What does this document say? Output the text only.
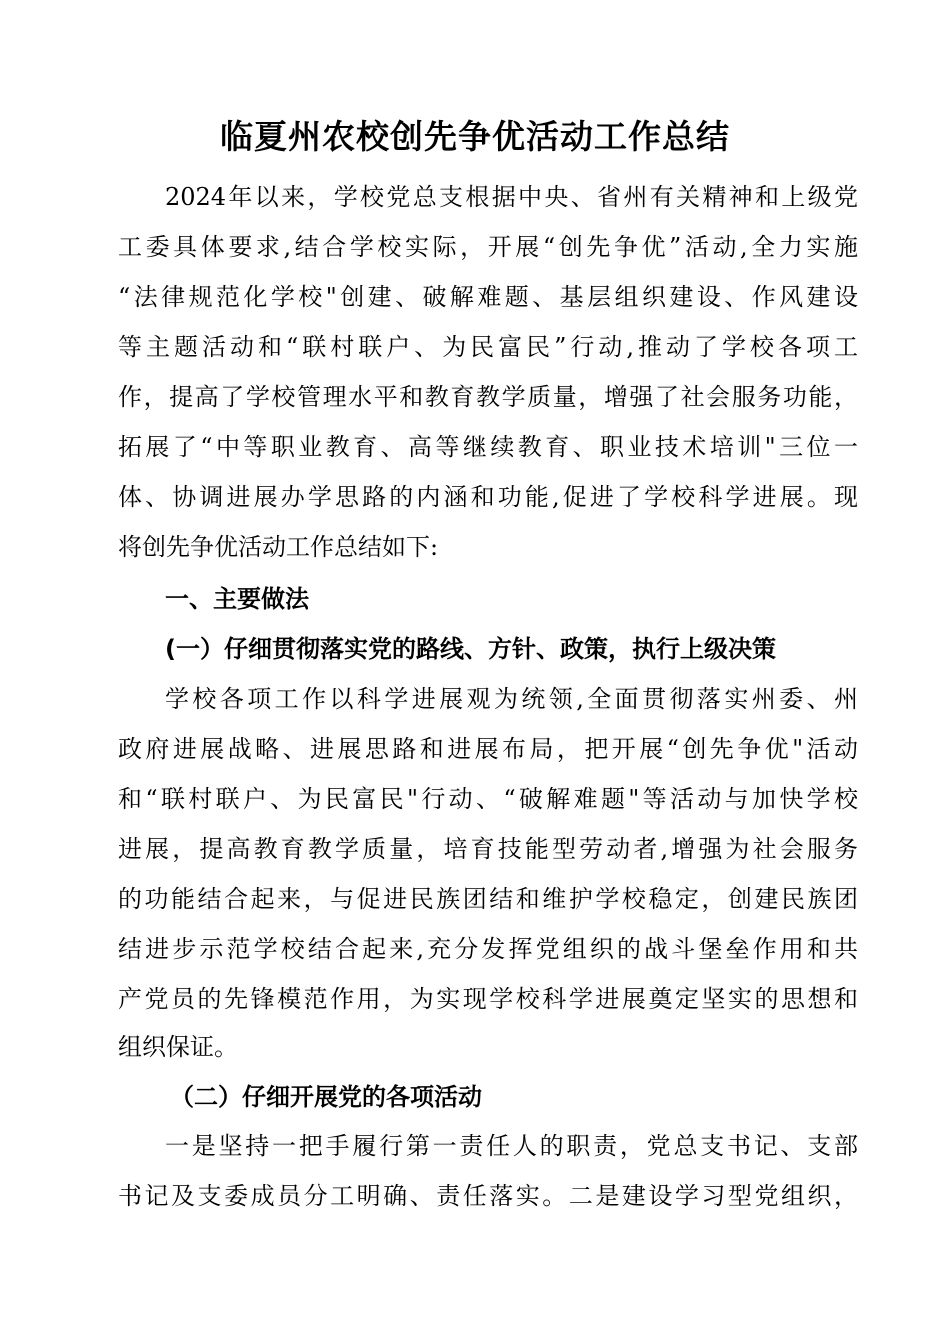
临夏州农校创先争优活动工作总结
2024年以来，学校党总支根据中央、省州有关精神和上级党
工委具体要求,结合学校实际，开展“创先争优”活动,全力实施
“法律规范化学校"创建、破解难题、基层组织建设、作风建设
等主题活动和“联村联户、为民富民”行动,推动了学校各项工
作，提高了学校管理水平和教育教学质量，增强了社会服务功能，
拓展了“中等职业教育、高等继续教育、职业技术培训"三位一
体、协调进展办学思路的内涵和功能,促进了学校科学进展。现
将创先争优活动工作总结如下:
一、主要做法
(一）仔细贯彻落实党的路线、方针、政策，执行上级决策
学校各项工作以科学进展观为统领,全面贯彻落实州委、州
政府进展战略、进展思路和进展布局，把开展“创先争优"活动
和“联村联户、为民富民"行动、“破解难题"等活动与加快学校
进展，提高教育教学质量，培育技能型劳动者,增强为社会服务
的功能结合起来，与促进民族团结和维护学校稳定，创建民族团
结进步示范学校结合起来,充分发挥党组织的战斗堡垒作用和共
产党员的先锋模范作用，为实现学校科学进展奠定坚实的思想和
组织保证。
（二）仔细开展党的各项活动
一是坚持一把手履行第一责任人的职责，党总支书记、支部
书记及支委成员分工明确、责任落实。二是建设学习型党组织，
